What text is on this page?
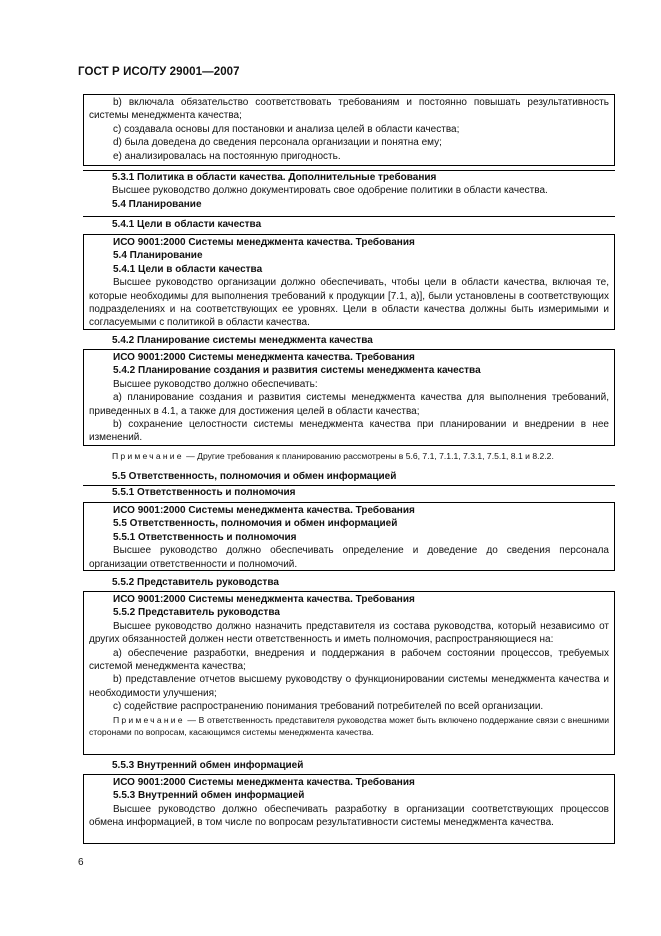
ГОСТ Р ИСО/ТУ 29001—2007

b) включала обязательство соответствовать требованиям и постоянно повышать результативность системы менеджмента качества;

c) создавала основы для постановки и анализа целей в области качества;

d) была доведена до сведения персонала организации и понятна ему;

e) анализировалась на постоянную пригодность.

5.3.1 Политика в области качества. Дополнительные требования

Высшее руководство должно документировать свое одобрение политики в области качества.

5.4 Планирование

5.4.1 Цели в области качества

ИСО 9001:2000 Системы менеджмента качества. Требования

5.4 Планирование

5.4.1 Цели в области качества

Высшее руководство организации должно обеспечивать, чтобы цели в области качества, включая те, которые необходимы для выполнения требований к продукции [7.1, а)], были установлены в соответствующих подразделениях и на соответствующих ее уровнях. Цели в области качества должны быть измеримыми и согласуемыми с политикой в области качества.

5.4.2 Планирование системы менеджмента качества

ИСО 9001:2000 Системы менеджмента качества. Требования

5.4.2 Планирование создания и развития системы менеджмента качества

Высшее руководство должно обеспечивать:

a) планирование создания и развития системы менеджмента качества для выполнения требований, приведенных в 4.1, а также для достижения целей в области качества;

b) сохранение целостности системы менеджмента качества при планировании и внедрении в нее изменений.

Примечание — Другие требования к планированию рассмотрены в 5.6, 7.1, 7.1.1, 7.3.1, 7.5.1, 8.1 и 8.2.2.

5.5 Ответственность, полномочия и обмен информацией

5.5.1 Ответственность и полномочия

ИСО 9001:2000 Системы менеджмента качества. Требования

5.5 Ответственность, полномочия и обмен информацией

5.5.1 Ответственность и полномочия

Высшее руководство должно обеспечивать определение и доведение до сведения персонала организации ответственности и полномочий.

5.5.2 Представитель руководства

ИСО 9001:2000 Системы менеджмента качества. Требования

5.5.2 Представитель руководства

Высшее руководство должно назначить представителя из состава руководства, который независимо от других обязанностей должен нести ответственность и иметь полномочия, распространяющиеся на:

a) обеспечение разработки, внедрения и поддержания в рабочем состоянии процессов, требуемых системой менеджмента качества;

b) представление отчетов высшему руководству о функционировании системы менеджмента качества и необходимости улучшения;

c) содействие распространению понимания требований потребителей по всей организации.

Примечание — В ответственность представителя руководства может быть включено поддержание связи с внешними сторонами по вопросам, касающимся системы менеджмента качества.

5.5.3 Внутренний обмен информацией

ИСО 9001:2000 Системы менеджмента качества. Требования

5.5.3 Внутренний обмен информацией

Высшее руководство должно обеспечивать разработку в организации соответствующих процессов обмена информацией, в том числе по вопросам результативности системы менеджмента качества.

6
